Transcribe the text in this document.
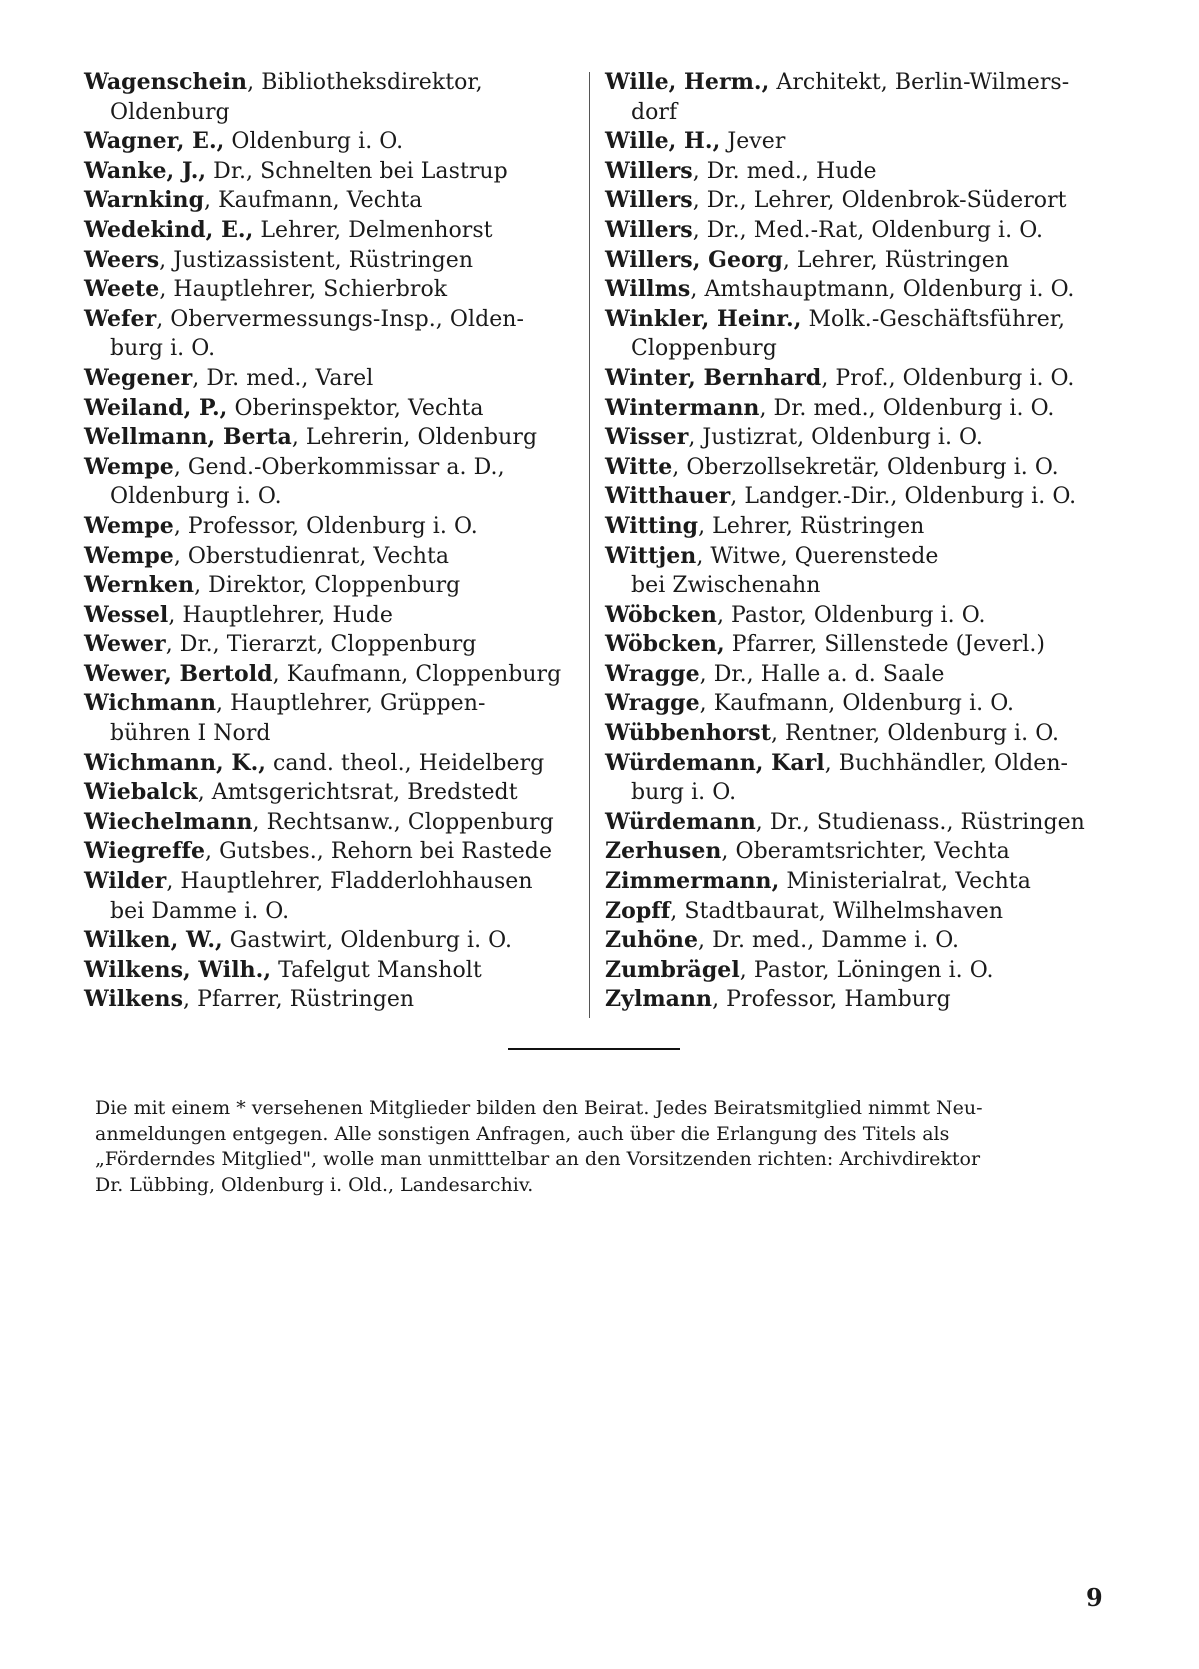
Wagenschein, Bibliotheksdirektor,
Oldenburg
Wagner, E., Oldenburg i. O.
Wanke, J., Dr., Schnelten bei Lastrup
Warnking, Kaufmann, Vechta
Wedekind, E., Lehrer, Delmenhorst
Weers, Justizassistent, Rüstringen
Weete, Hauptlehrer, Schierbrok
Wefer, Obervermessungs-Insp., Olden-
burg i. O.
Wegener, Dr. med., Varel
Weiland, P., Oberinspektor, Vechta
Wellmann, Berta, Lehrerin, Oldenburg
Wempe, Gend.-Oberkommissar a. D.,
Oldenburg i. O.
Wempe, Professor, Oldenburg i. O.
Wempe, Oberstudienrat, Vechta
Wernken, Direktor, Cloppenburg
Wessel, Hauptlehrer, Hude
Wewer, Dr., Tierarzt, Cloppenburg
Wewer, Bertold, Kaufmann, Cloppenburg
Wichmann, Hauptlehrer, Grüppen-
bühren I Nord
Wichmann, K., cand. theol., Heidelberg
Wiebalck, Amtsgerichtsrat, Bredstedt
Wiechelmann, Rechtsanw., Cloppenburg
Wiegreffe, Gutsbes., Rehorn bei Rastede
Wilder, Hauptlehrer, Fladderlohhausen
bei Damme i. O.
Wilken, W., Gastwirt, Oldenburg i. O.
Wilkens, Wilh., Tafelgut Mansholt
Wilkens, Pfarrer, Rüstringen
Wille, Herm., Architekt, Berlin-Wilmers-
dorf
Wille, H., Jever
Willers, Dr. med., Hude
Willers, Dr., Lehrer, Oldenbrok-Süderort
Willers, Dr., Med.-Rat, Oldenburg i. O.
Willers, Georg, Lehrer, Rüstringen
Willms, Amtshauptmann, Oldenburg i. O.
Winkler, Heinr., Molk.-Geschäftsführer,
Cloppenburg
Winter, Bernhard, Prof., Oldenburg i. O.
Wintermann, Dr. med., Oldenburg i. O.
Wisser, Justizrat, Oldenburg i. O.
Witte, Oberzollsekretär, Oldenburg i. O.
Witthauer, Landger.-Dir., Oldenburg i. O.
Witting, Lehrer, Rüstringen
Wittjen, Witwe, Querenstede
bei Zwischenahn
Wöbcken, Pastor, Oldenburg i. O.
Wöbcken, Pfarrer, Sillenstede (Jeverl.)
Wragge, Dr., Halle a. d. Saale
Wragge, Kaufmann, Oldenburg i. O.
Wübbenhorst, Rentner, Oldenburg i. O.
Würdemann, Karl, Buchhändler, Olden-
burg i. O.
Würdemann, Dr., Studienass., Rüstringen
Zerhusen, Oberamtsrichter, Vechta
Zimmermann, Ministerialrat, Vechta
Zopff, Stadtbaurat, Wilhelmshaven
Zuhöne, Dr. med., Damme i. O.
Zumbrägel, Pastor, Löningen i. O.
Zylmann, Professor, Hamburg
Die mit einem * versehenen Mitglieder bilden den Beirat. Jedes Beiratsmitglied nimmt Neu-
anmeldungen entgegen. Alle sonstigen Anfragen, auch über die Erlangung des Titels als
„Förderndes Mitglied", wolle man unmitttelbar an den Vorsitzenden richten: Archivdirektor
Dr. Lübbing, Oldenburg i. Old., Landesarchiv.
9
